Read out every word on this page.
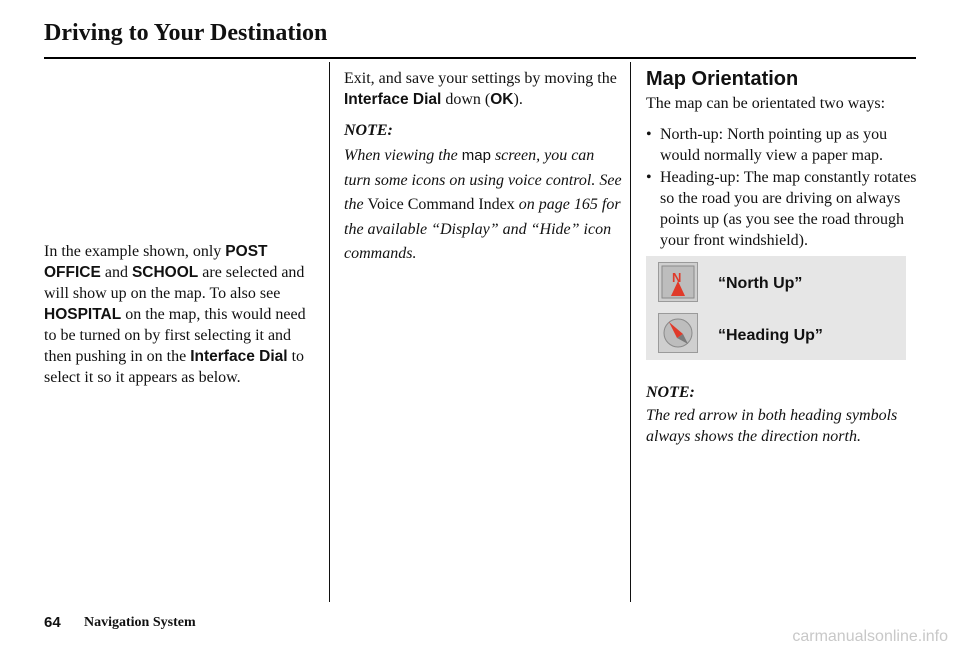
Driving to Your Destination

In the example shown, only POST OFFICE and SCHOOL are selected and will show up on the map. To also see HOSPITAL on the map, this would need to be turned on by first selecting it and then pushing in on the Interface Dial to select it so it appears as below.

Exit, and save your settings by moving the Interface Dial down (OK).

NOTE:

When viewing the map screen, you can turn some icons on using voice control. See the Voice Command Index on page 165 for the available “Display” and “Hide” icon commands.

Map Orientation

The map can be orientated two ways:

• North-up: North pointing up as you would normally view a paper map.
• Heading-up: The map constantly rotates so the road you are driving on always points up (as you see the road through your front windshield).
N “North Up”
“Heading Up”

NOTE:

The red arrow in both heading symbols always shows the direction north.

64 Navigation System

carmanualsonline.info
